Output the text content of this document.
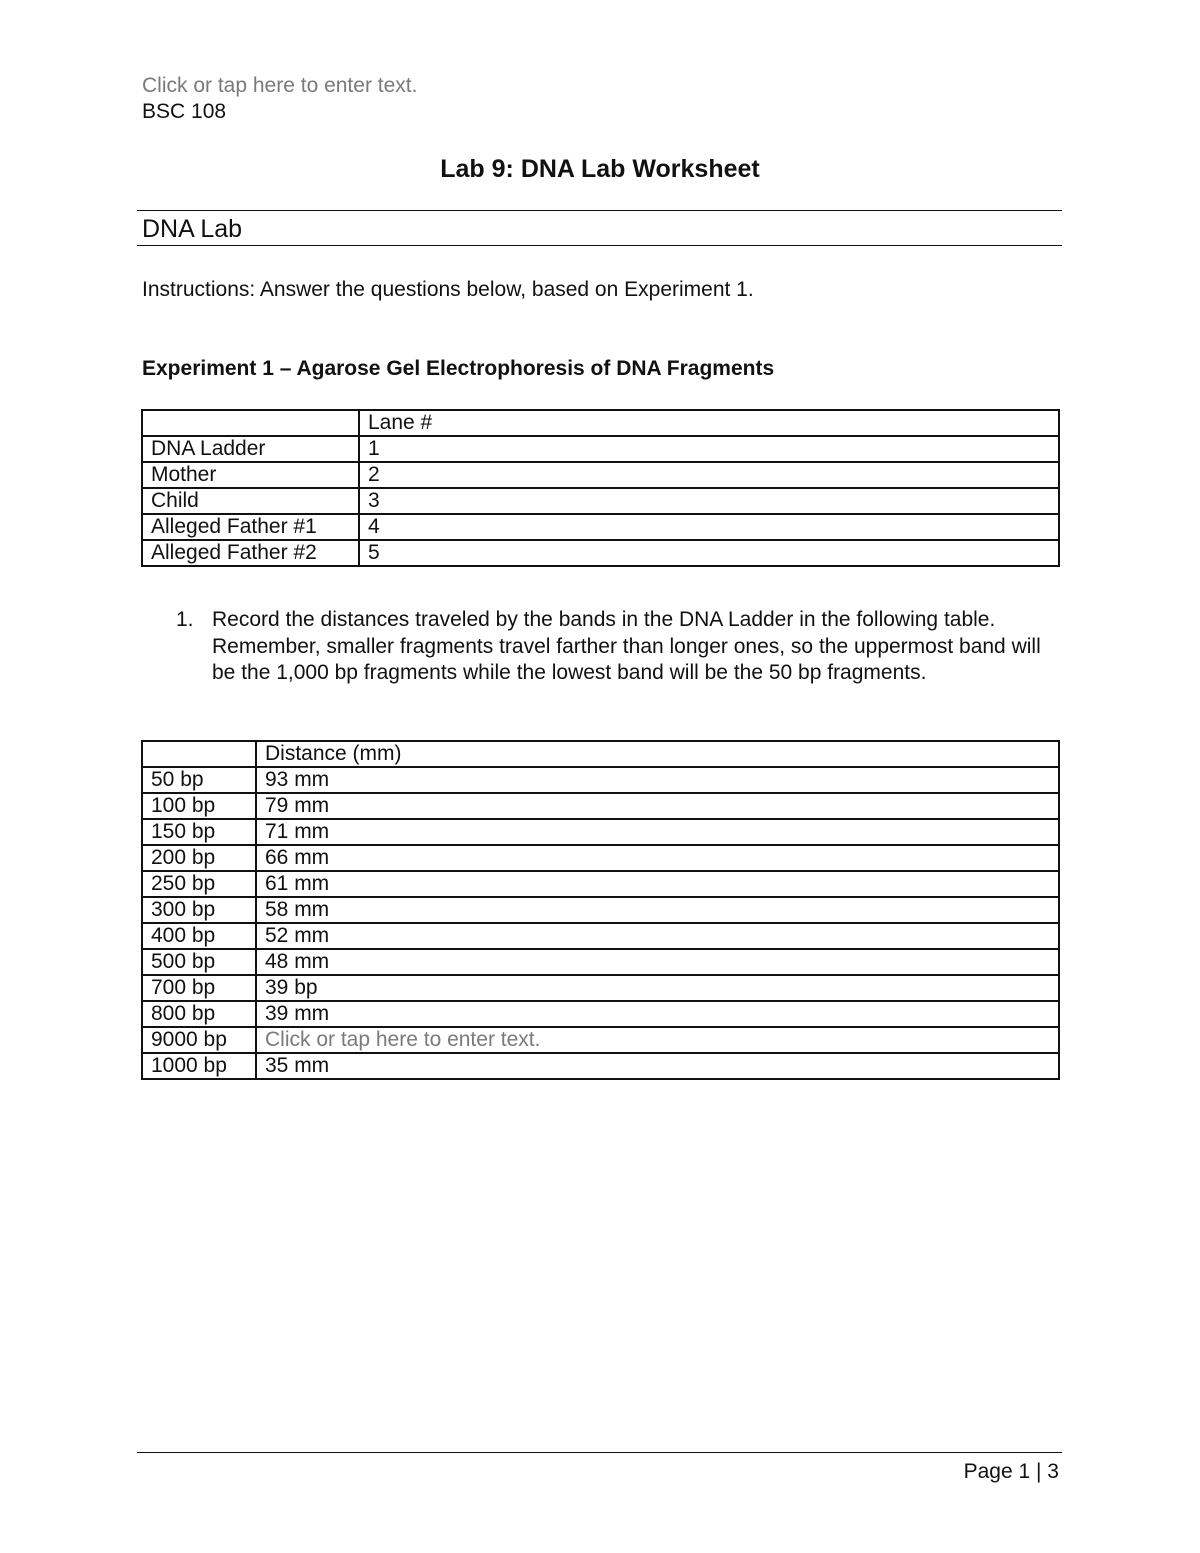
Click or tap here to enter text.
BSC 108
Lab 9: DNA Lab Worksheet
DNA Lab
Instructions: Answer the questions below, based on Experiment 1.
Experiment 1 – Agarose Gel Electrophoresis of DNA Fragments
	Lane #
DNA Ladder	1
Mother	2
Child	3
Alleged Father #1	4
Alleged Father #2	5
1. Record the distances traveled by the bands in the DNA Ladder in the following table. Remember, smaller fragments travel farther than longer ones, so the uppermost band will be the 1,000 bp fragments while the lowest band will be the 50 bp fragments.
	Distance (mm)
50 bp	93 mm
100 bp	79 mm
150 bp	71 mm
200 bp	66 mm
250 bp	61 mm
300 bp	58 mm
400 bp	52 mm
500 bp	48 mm
700 bp	39 bp
800 bp	39 mm
9000 bp	Click or tap here to enter text.
1000 bp	35 mm
Page 1 | 3
